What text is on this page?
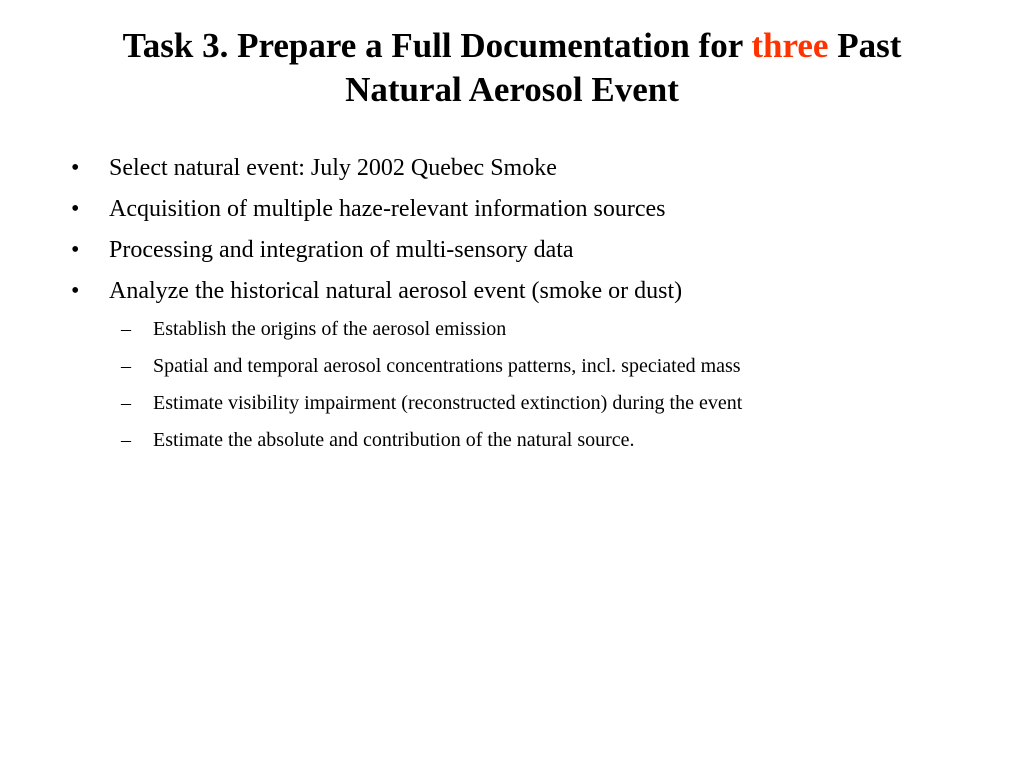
Task 3. Prepare a Full Documentation for three Past
Natural Aerosol Event
•	Select natural event: July 2002 Quebec Smoke
•	Acquisition of multiple haze-relevant information sources
•	Processing and integration of multi-sensory data
•	Analyze the historical natural aerosol event (smoke or dust)
–	Establish the origins of the aerosol emission
–	Spatial and temporal aerosol concentrations patterns, incl. speciated mass
–	Estimate visibility impairment (reconstructed extinction) during the event
–	Estimate the absolute and contribution of the natural source.
